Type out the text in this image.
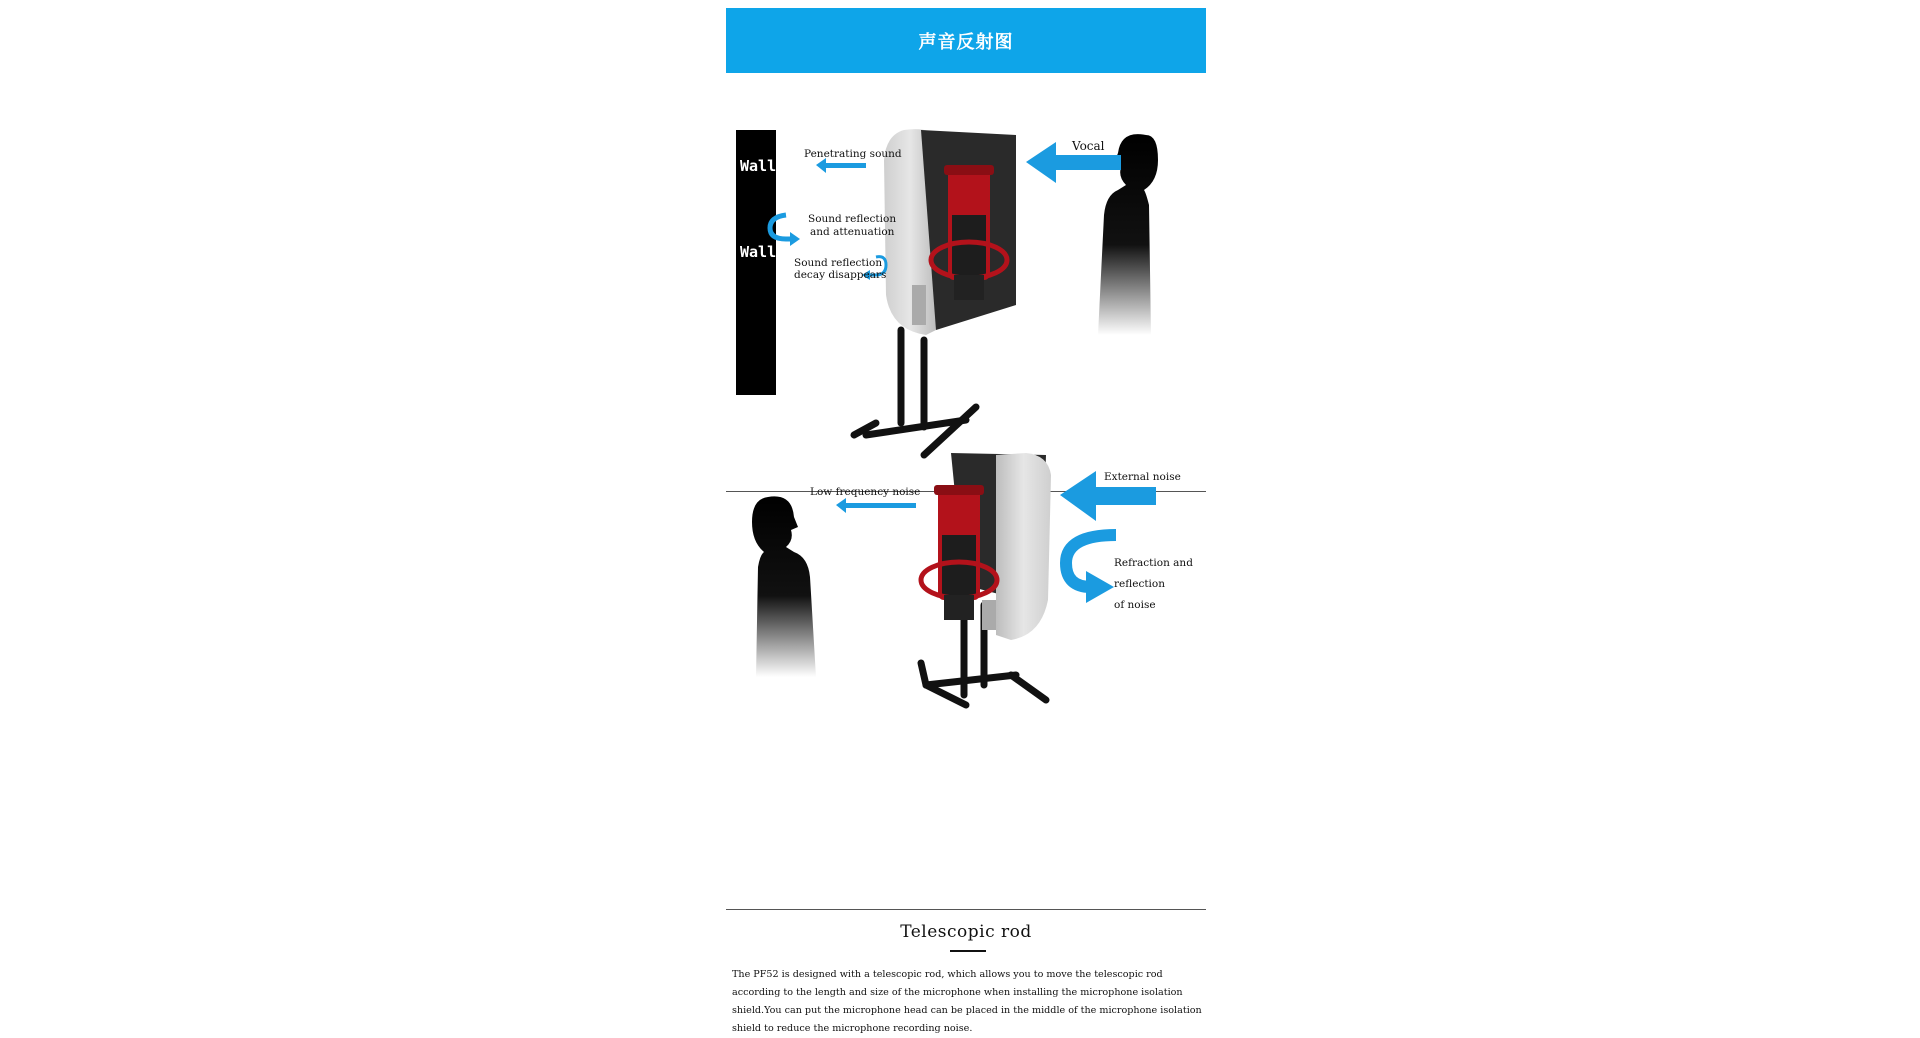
声音反射图
Wall
Wall
Penetrating sound
Vocal
Sound reflection
and attenuation
Sound reflection
decay disappears
Low frequency noise
External noise
Refraction and
reflection
of noise
Telescopic rod

The PF52 is designed with a telescopic rod, which allows you to move the telescopic rod according to the length and size of the microphone when installing the microphone isolation shield.You can put the microphone head can be placed in the middle of the microphone isolation shield to reduce the microphone recording noise.
